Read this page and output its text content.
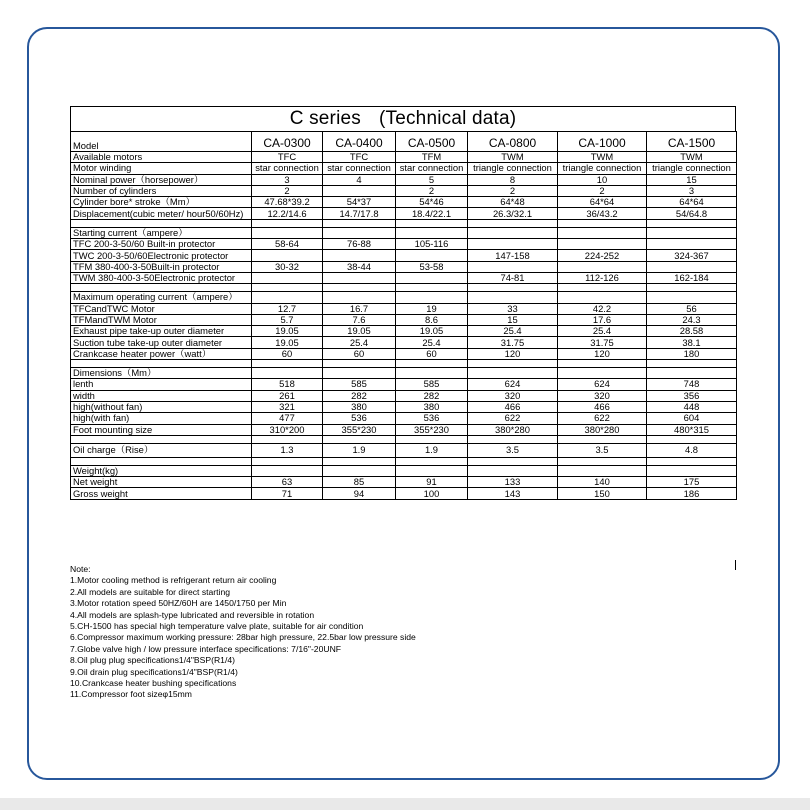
C series (Technical data)
Model	CA-0300	CA-0400	CA-0500	CA-0800	CA-1000	CA-1500
Available motors	TFC	TFC	TFM	TWM	TWM	TWM
Motor winding	star connection	star connection	star connection	triangle connection	triangle connection	triangle connection
Nominal power（horsepower）	3	4	5	8	10	15
Number of cylinders	2		2	2	2	3
Cylinder bore* stroke（Mm）	47.68*39.2	54*37	54*46	64*48	64*64	64*64
Displacement(cubic meter/ hour50/60Hz)	12.2/14.6	14.7/17.8	18.4/22.1	26.3/32.1	36/43.2	54/64.8

Starting current（ampere）						
TFC 200-3-50/60 Built-in protector	58-64	76-88	105-116			
TWC 200-3-50/60Electronic protector				147-158	224-252	324-367
TFM 380-400-3-50Built-in protector	30-32	38-44	53-58			
TWM 380-400-3-50Electronic protector				74-81	112-126	162-184

Maximum operating current（ampere）						
TFCandTWC Motor	12.7	16.7	19	33	42.2	56
TFMandTWM Motor	5.7	7.6	8.6	15	17.6	24.3
Exhaust pipe take-up outer diameter	19.05	19.05	19.05	25.4	25.4	28.58
Suction tube take-up outer diameter	19.05	25.4	25.4	31.75	31.75	38.1
Crankcase heater power（watt）	60	60	60	120	120	180

Dimensions（Mm）						
lenth	518	585	585	624	624	748
width	261	282	282	320	320	356
high(without fan)	321	380	380	466	466	448
high(with fan)	477	536	536	622	622	604
Foot mounting size	310*200	355*230	355*230	380*280	380*280	480*315

Oil charge（Rise）	1.3	1.9	1.9	3.5	3.5	4.8

Weight(kg)						
Net weight	63	85	91	133	140	175
Gross weight	71	94	100	143	150	186
Note:
1.Motor cooling method is refrigerant return air cooling
2.All models are suitable for direct starting
3.Motor rotation speed 50HZ/60H are 1450/1750 per Min
4.All models are splash-type lubricated and reversible in rotation
5.CH-1500 has special high temperature valve plate, suitable for air condition
6.Compressor maximum working pressure: 28bar high pressure, 22.5bar low pressure side
7.Globe valve high / low pressure interface specifications: 7/16"-20UNF
8.Oil plug plug specifications1/4"BSP(R1/4)
9.Oil drain plug specifications1/4"BSP(R1/4)
10.Crankcase heater bushing specifications
11.Compressor foot sizeφ15mm
